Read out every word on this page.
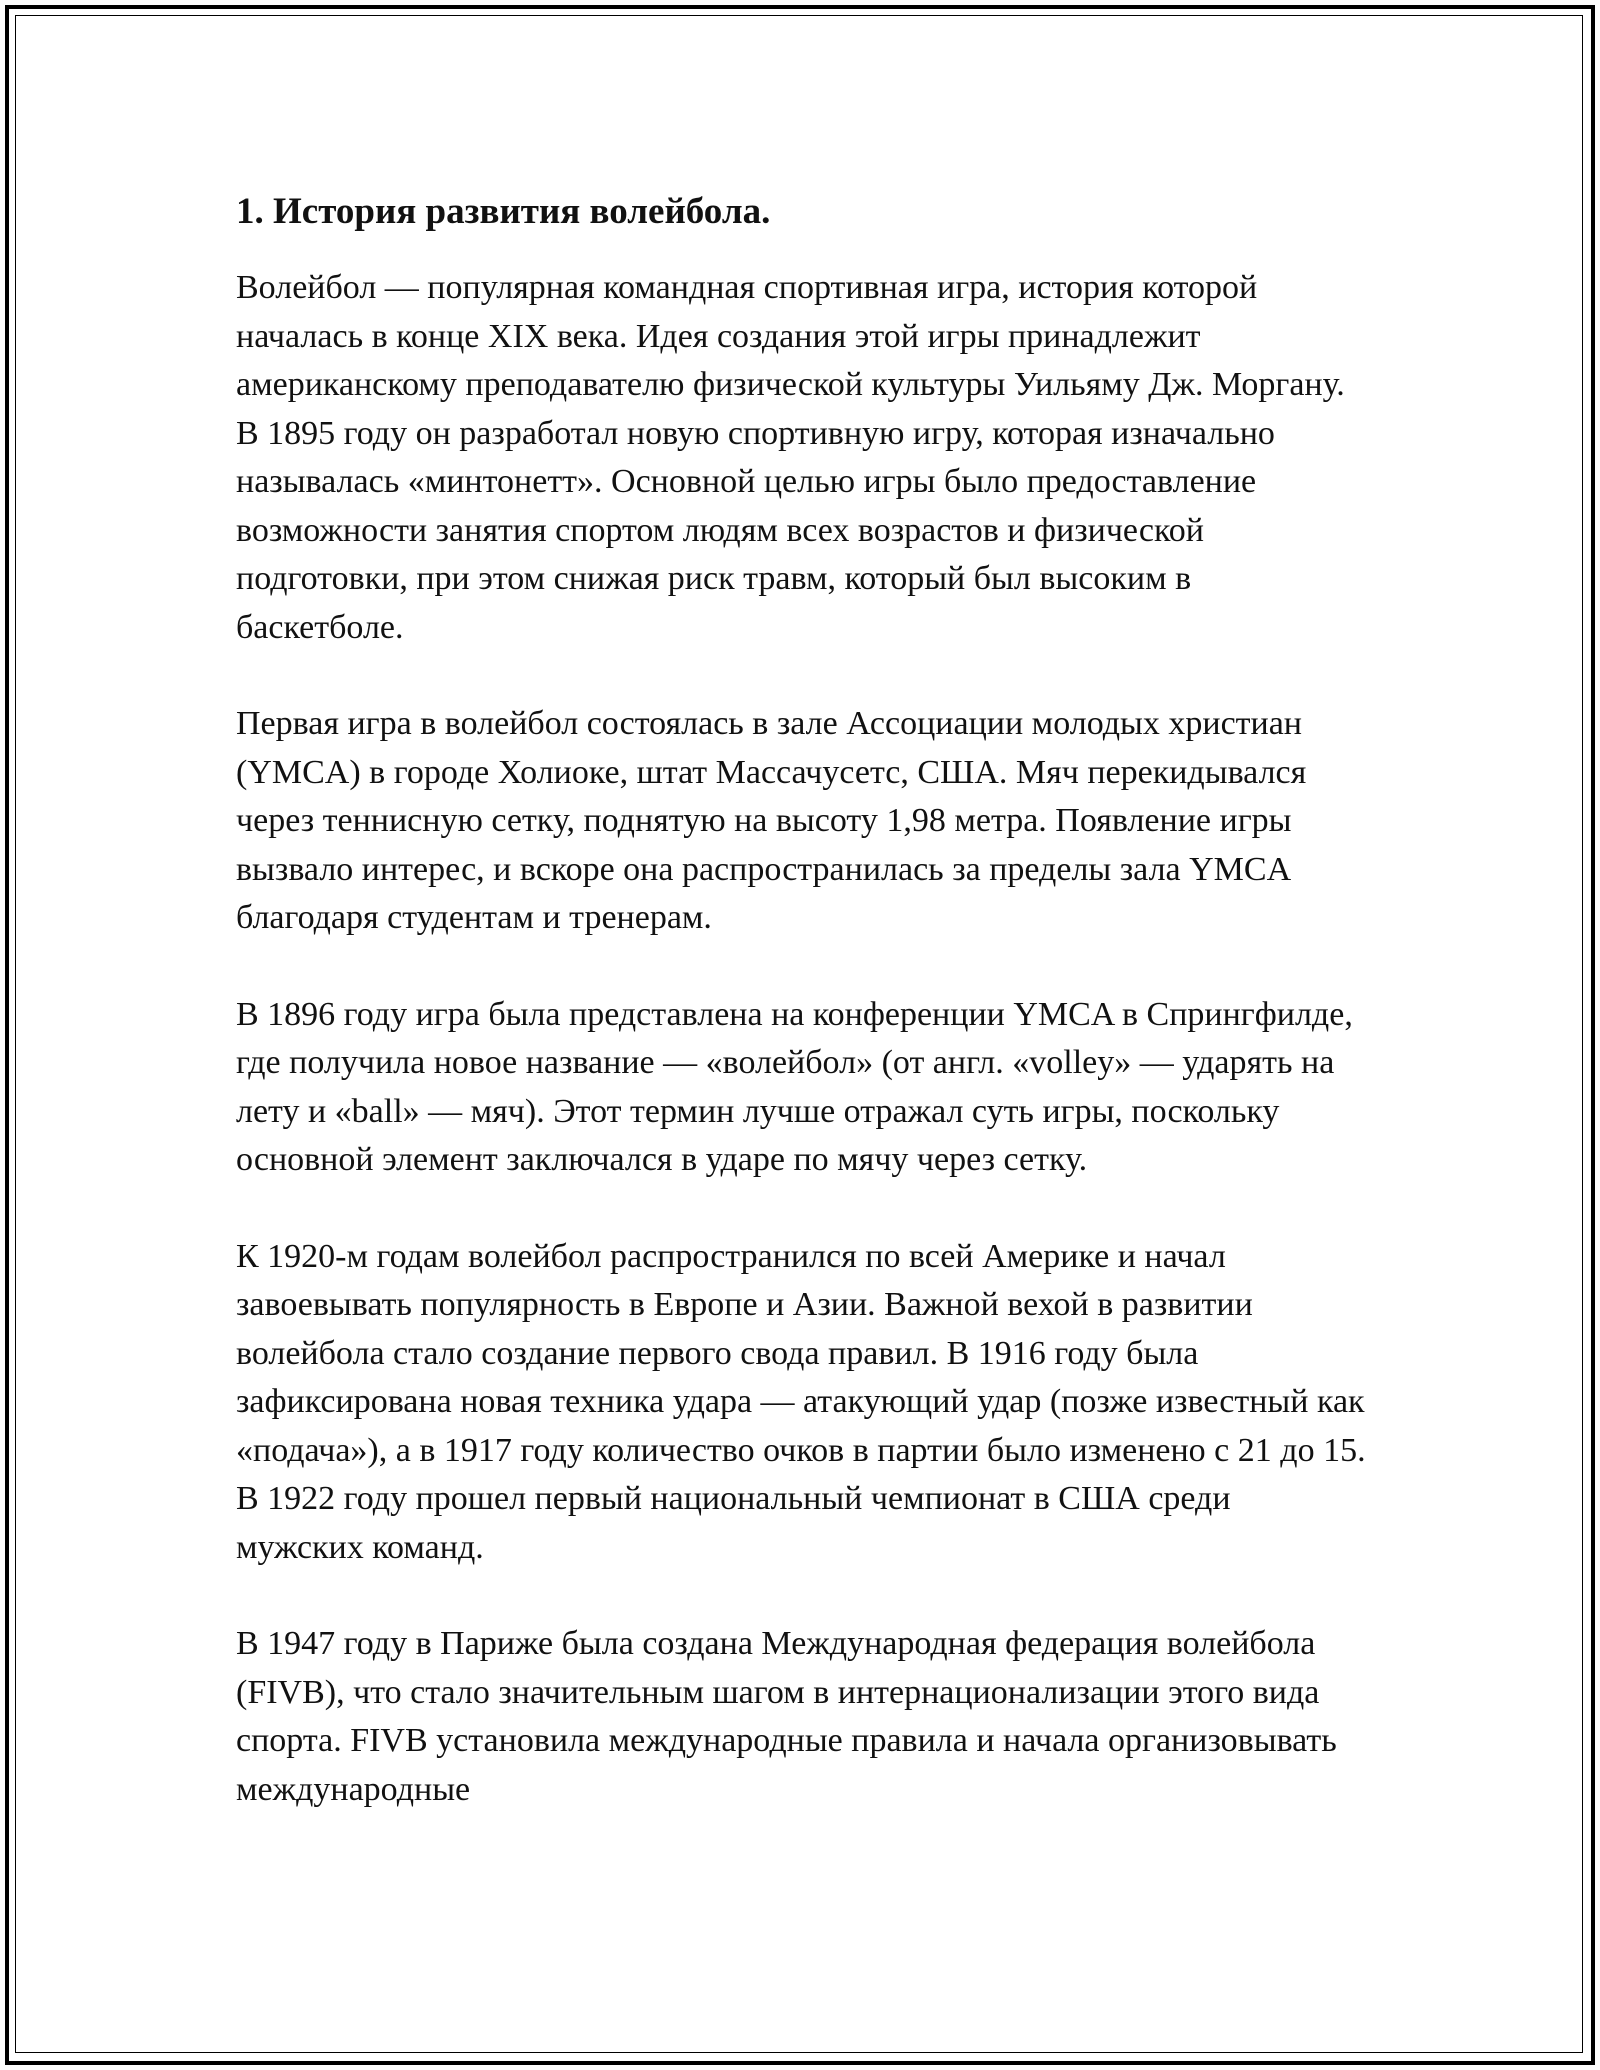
1. История развития волейбола.

Волейбол — популярная командная спортивная игра, история которой началась в конце XIX века. Идея создания этой игры принадлежит американскому преподавателю физической культуры Уильяму Дж. Моргану. В 1895 году он разработал новую спортивную игру, которая изначально называлась «минтонетт». Основной целью игры было предоставление возможности занятия спортом людям всех возрастов и физической подготовки, при этом снижая риск травм, который был высоким в баскетболе.

Первая игра в волейбол состоялась в зале Ассоциации молодых христиан (YMCA) в городе Холиоке, штат Массачусетс, США. Мяч перекидывался через теннисную сетку, поднятую на высоту 1,98 метра. Появление игры вызвало интерес, и вскоре она распространилась за пределы зала YMCA благодаря студентам и тренерам.

В 1896 году игра была представлена на конференции YMCA в Спрингфилде, где получила новое название — «волейбол» (от англ. «volley» — ударять на лету и «ball» — мяч). Этот термин лучше отражал суть игры, поскольку основной элемент заключался в ударе по мячу через сетку.

К 1920-м годам волейбол распространился по всей Америке и начал завоевывать популярность в Европе и Азии. Важной вехой в развитии волейбола стало создание первого свода правил. В 1916 году была зафиксирована новая техника удара — атакующий удар (позже известный как «подача»), а в 1917 году количество очков в партии было изменено с 21 до 15. В 1922 году прошел первый национальный чемпионат в США среди мужских команд.

В 1947 году в Париже была создана Международная федерация волейбола (FIVB), что стало значительным шагом в интернационализации этого вида спорта. FIVB установила международные правила и начала организовывать международные
